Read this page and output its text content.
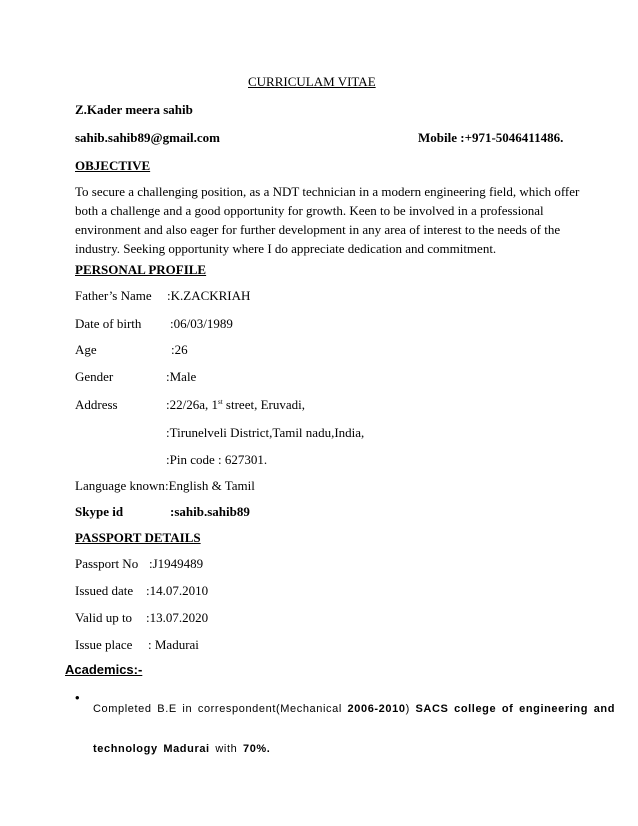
CURRICULAM VITAE
Z.Kader meera sahib
sahib.sahib89@gmail.com	Mobile :+971-5046411486.
OBJECTIVE
To secure a challenging position, as a NDT technician in a modern engineering field, which offer both a challenge and a good opportunity for growth. Keen to be involved in a professional environment and also eager for further development in any area of interest to the needs of the industry. Seeking opportunity where I do appreciate dedication and commitment.
PERSONAL PROFILE
Father’s Name :K.ZACKRIAH
Date of birth :06/03/1989
Age	:26
Gender	:Male
Address	:22/26a, 1st street, Eruvadi,
:Tirunelveli District,Tamil nadu,India,
:Pin code : 627301.
Language known :English & Tamil
Skype id	:sahib.sahib89
PASSPORT DETAILS
Passport No :J1949489
Issued date :14.07.2010
Valid up to :13.07.2020
Issue place : Madurai
Academics:-
•
Completed B.E in correspondent(Mechanical 2006-2010) SACS college of engineering and technology Madurai with 70%.
